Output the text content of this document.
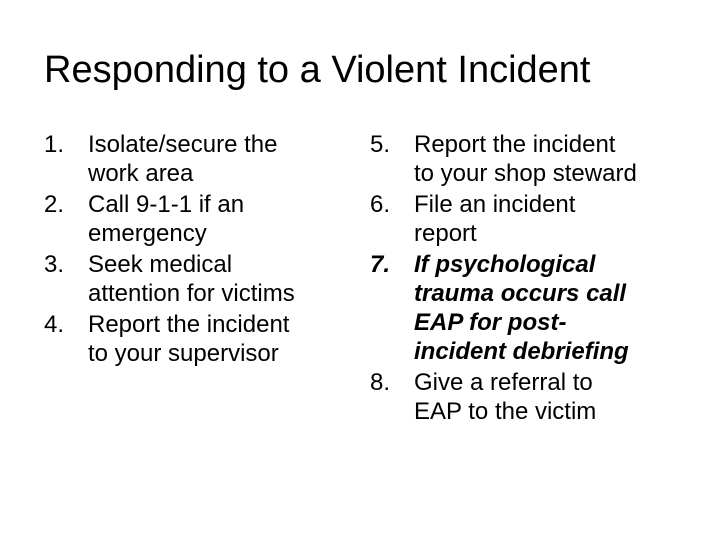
Responding to a Violent Incident
1. Isolate/secure the
work area
2. Call 9-1-1 if an
emergency
3. Seek medical
attention for victims
4. Report the incident
to your supervisor
5. Report the incident
to your shop steward
6. File an incident
report
7. If psychological
trauma occurs call
EAP for post-
incident debriefing
8. Give a referral to
EAP to the victim
